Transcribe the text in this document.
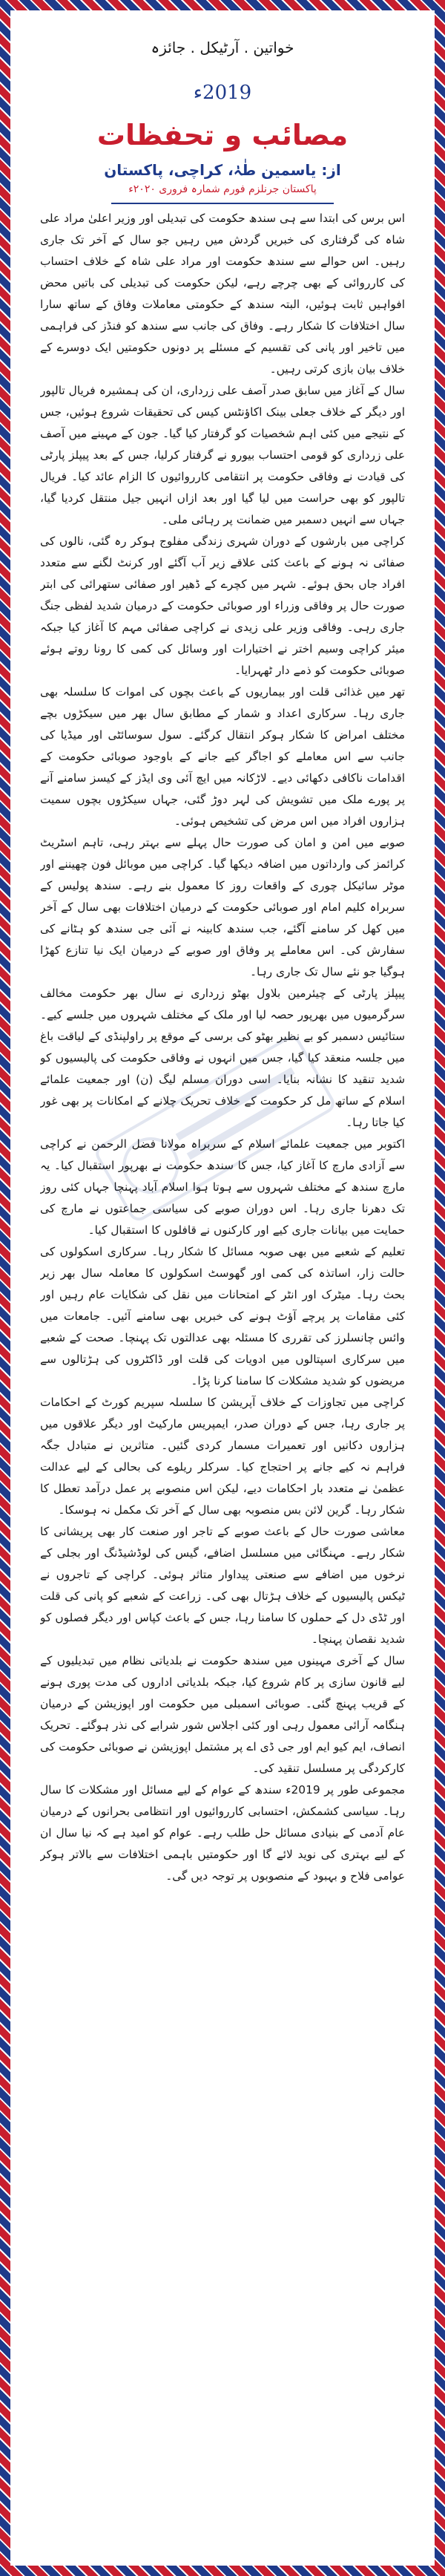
خواتین . آرٹیکل . جائزہ
2019ء
مصائب و تحفظات
از: یاسمین طٰہٰ، کراچی، پاکستان
پاکستان جرنلزم فورم شمارہ فروری ۲۰۲۰ء

اس برس کی ابتدا سے ہی سندھ حکومت کی تبدیلی اور وزیر اعلیٰ مراد علی شاہ کی گرفتاری کی خبریں گردش میں رہیں جو سال کے آخر تک جاری رہیں۔ اس حوالے سے سندھ حکومت اور مراد علی شاہ کے خلاف احتساب کی کارروائی کے بھی چرچے رہے، لیکن حکومت کی تبدیلی کی باتیں محض افواہیں ثابت ہوئیں، البتہ سندھ کے حکومتی معاملات وفاق کے ساتھ سارا سال اختلافات کا شکار رہے۔ وفاق کی جانب سے سندھ کو فنڈز کی فراہمی میں تاخیر اور پانی کی تقسیم کے مسئلے پر دونوں حکومتیں ایک دوسرے کے خلاف بیان بازی کرتی رہیں۔

سال کے آغاز میں سابق صدر آصف علی زرداری، ان کی ہمشیرہ فریال تالپور اور دیگر کے خلاف جعلی بینک اکاؤنٹس کیس کی تحقیقات شروع ہوئیں، جس کے نتیجے میں کئی اہم شخصیات کو گرفتار کیا گیا۔ جون کے مہینے میں آصف علی زرداری کو قومی احتساب بیورو نے گرفتار کرلیا، جس کے بعد پیپلز پارٹی کی قیادت نے وفاقی حکومت پر انتقامی کارروائیوں کا الزام عائد کیا۔ فریال تالپور کو بھی حراست میں لیا گیا اور بعد ازاں انہیں جیل منتقل کردیا گیا، جہاں سے انہیں دسمبر میں ضمانت پر رہائی ملی۔

کراچی میں بارشوں کے دوران شہری زندگی مفلوج ہوکر رہ گئی، نالوں کی صفائی نہ ہونے کے باعث کئی علاقے زیر آب آگئے اور کرنٹ لگنے سے متعدد افراد جاں بحق ہوئے۔ شہر میں کچرے کے ڈھیر اور صفائی ستھرائی کی ابتر صورت حال پر وفاقی وزراء اور صوبائی حکومت کے درمیان شدید لفظی جنگ جاری رہی۔ وفاقی وزیر علی زیدی نے کراچی صفائی مہم کا آغاز کیا جبکہ میئر کراچی وسیم اختر نے اختیارات اور وسائل کی کمی کا رونا روتے ہوئے صوبائی حکومت کو ذمے دار ٹھہرایا۔

تھر میں غذائی قلت اور بیماریوں کے باعث بچوں کی اموات کا سلسلہ بھی جاری رہا۔ سرکاری اعداد و شمار کے مطابق سال بھر میں سیکڑوں بچے مختلف امراض کا شکار ہوکر انتقال کرگئے۔ سول سوسائٹی اور میڈیا کی جانب سے اس معاملے کو اجاگر کیے جانے کے باوجود صوبائی حکومت کے اقدامات ناکافی دکھائی دیے۔ لاڑکانہ میں ایچ آئی وی ایڈز کے کیسز سامنے آنے پر پورے ملک میں تشویش کی لہر دوڑ گئی، جہاں سیکڑوں بچوں سمیت ہزاروں افراد میں اس مرض کی تشخیص ہوئی۔

صوبے میں امن و امان کی صورت حال پہلے سے بہتر رہی، تاہم اسٹریٹ کرائمز کی وارداتوں میں اضافہ دیکھا گیا۔ کراچی میں موبائل فون چھیننے اور موٹر سائیکل چوری کے واقعات روز کا معمول بنے رہے۔ سندھ پولیس کے سربراہ کلیم امام اور صوبائی حکومت کے درمیان اختلافات بھی سال کے آخر میں کھل کر سامنے آگئے، جب سندھ کابینہ نے آئی جی سندھ کو ہٹانے کی سفارش کی۔ اس معاملے پر وفاق اور صوبے کے درمیان ایک نیا تنازع کھڑا ہوگیا جو نئے سال تک جاری رہا۔

پیپلز پارٹی کے چیئرمین بلاول بھٹو زرداری نے سال بھر حکومت مخالف سرگرمیوں میں بھرپور حصہ لیا اور ملک کے مختلف شہروں میں جلسے کیے۔ ستائیس دسمبر کو بے نظیر بھٹو کی برسی کے موقع پر راولپنڈی کے لیاقت باغ میں جلسہ منعقد کیا گیا، جس میں انہوں نے وفاقی حکومت کی پالیسیوں کو شدید تنقید کا نشانہ بنایا۔ اسی دوران مسلم لیگ (ن) اور جمعیت علمائے اسلام کے ساتھ مل کر حکومت کے خلاف تحریک چلانے کے امکانات پر بھی غور کیا جاتا رہا۔

اکتوبر میں جمعیت علمائے اسلام کے سربراہ مولانا فضل الرحمن نے کراچی سے آزادی مارچ کا آغاز کیا، جس کا سندھ حکومت نے بھرپور استقبال کیا۔ یہ مارچ سندھ کے مختلف شہروں سے ہوتا ہوا اسلام آباد پہنچا جہاں کئی روز تک دھرنا جاری رہا۔ اس دوران صوبے کی سیاسی جماعتوں نے مارچ کی حمایت میں بیانات جاری کیے اور کارکنوں نے قافلوں کا استقبال کیا۔

تعلیم کے شعبے میں بھی صوبہ مسائل کا شکار رہا۔ سرکاری اسکولوں کی حالت زار، اساتذہ کی کمی اور گھوسٹ اسکولوں کا معاملہ سال بھر زیر بحث رہا۔ میٹرک اور انٹر کے امتحانات میں نقل کی شکایات عام رہیں اور کئی مقامات پر پرچے آؤٹ ہونے کی خبریں بھی سامنے آئیں۔ جامعات میں وائس چانسلرز کی تقرری کا مسئلہ بھی عدالتوں تک پہنچا۔ صحت کے شعبے میں سرکاری اسپتالوں میں ادویات کی قلت اور ڈاکٹروں کی ہڑتالوں سے مریضوں کو شدید مشکلات کا سامنا کرنا پڑا۔

کراچی میں تجاوزات کے خلاف آپریشن کا سلسلہ سپریم کورٹ کے احکامات پر جاری رہا، جس کے دوران صدر، ایمپریس مارکیٹ اور دیگر علاقوں میں ہزاروں دکانیں اور تعمیرات مسمار کردی گئیں۔ متاثرین نے متبادل جگہ فراہم نہ کیے جانے پر احتجاج کیا۔ سرکلر ریلوے کی بحالی کے لیے عدالت عظمیٰ نے متعدد بار احکامات دیے، لیکن اس منصوبے پر عمل درآمد تعطل کا شکار رہا۔ گرین لائن بس منصوبہ بھی سال کے آخر تک مکمل نہ ہوسکا۔

معاشی صورت حال کے باعث صوبے کے تاجر اور صنعت کار بھی پریشانی کا شکار رہے۔ مہنگائی میں مسلسل اضافے، گیس کی لوڈشیڈنگ اور بجلی کے نرخوں میں اضافے سے صنعتی پیداوار متاثر ہوئی۔ کراچی کے تاجروں نے ٹیکس پالیسیوں کے خلاف ہڑتال بھی کی۔ زراعت کے شعبے کو پانی کی قلت اور ٹڈی دل کے حملوں کا سامنا رہا، جس کے باعث کپاس اور دیگر فصلوں کو شدید نقصان پہنچا۔

سال کے آخری مہینوں میں سندھ حکومت نے بلدیاتی نظام میں تبدیلیوں کے لیے قانون سازی پر کام شروع کیا، جبکہ بلدیاتی اداروں کی مدت پوری ہونے کے قریب پہنچ گئی۔ صوبائی اسمبلی میں حکومت اور اپوزیشن کے درمیان ہنگامہ آرائی معمول رہی اور کئی اجلاس شور شرابے کی نذر ہوگئے۔ تحریک انصاف، ایم کیو ایم اور جی ڈی اے پر مشتمل اپوزیشن نے صوبائی حکومت کی کارکردگی پر مسلسل تنقید کی۔

مجموعی طور پر 2019ء سندھ کے عوام کے لیے مسائل اور مشکلات کا سال رہا۔ سیاسی کشمکش، احتسابی کارروائیوں اور انتظامی بحرانوں کے درمیان عام آدمی کے بنیادی مسائل حل طلب رہے۔ عوام کو امید ہے کہ نیا سال ان کے لیے بہتری کی نوید لائے گا اور حکومتیں باہمی اختلافات سے بالاتر ہوکر عوامی فلاح و بہبود کے منصوبوں پر توجہ دیں گی۔
